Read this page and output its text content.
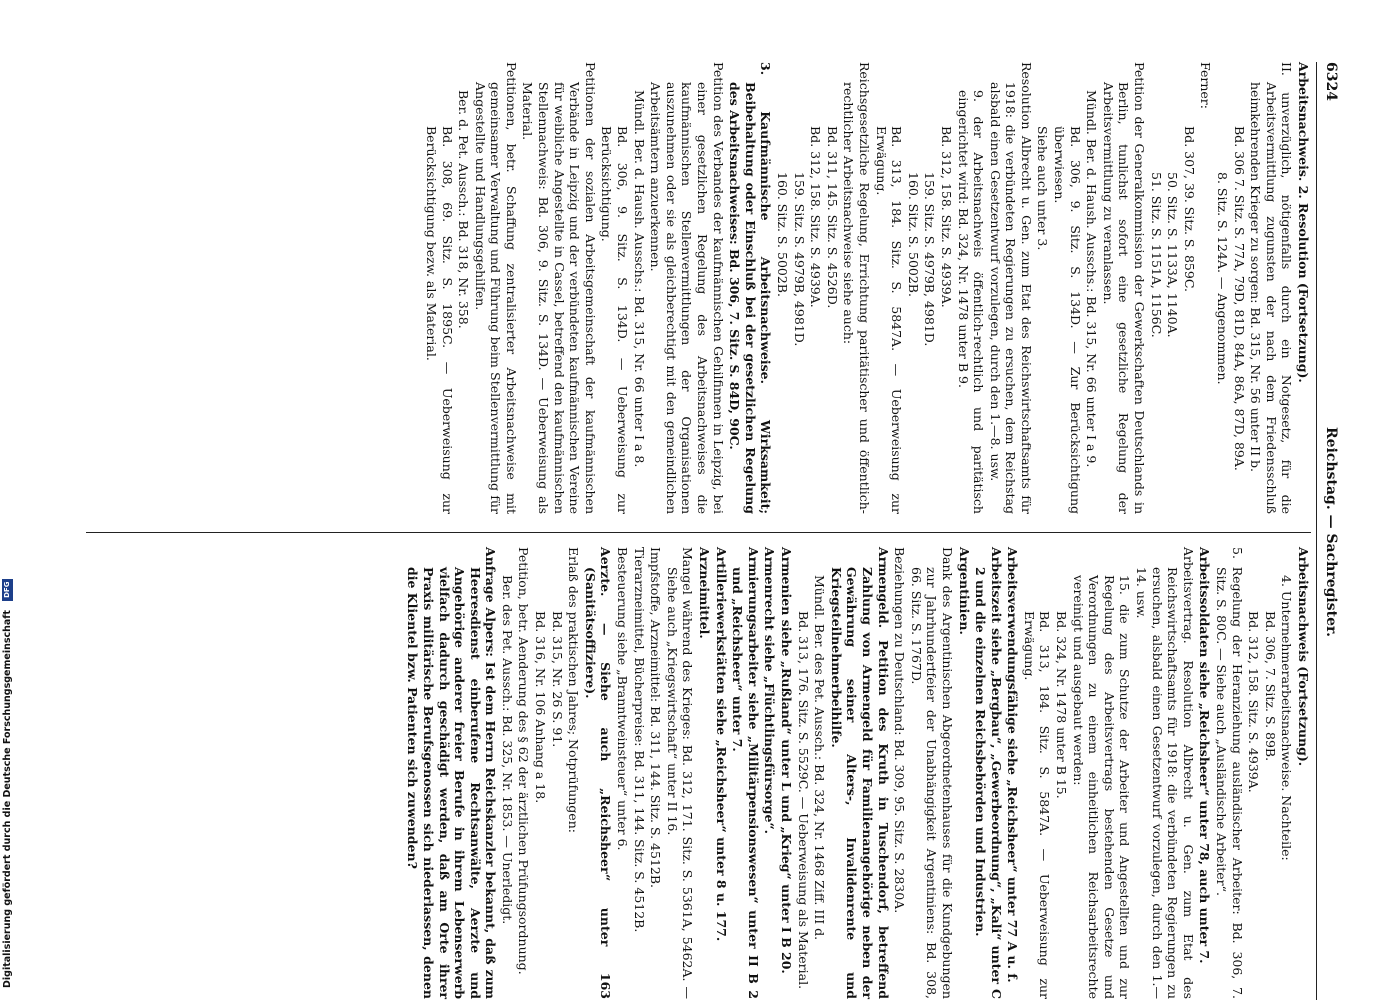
6324
Reichstag. — Sachregister.

Arbeitsnachweis. 2. Resolution (Fortsetzung).

II. unverzüglich, nötigenfalls durch ein Notgesetz, für die Arbeitsvermittlung zugunsten der nach dem Friedensschluß heimkehrenden Krieger zu sorgen: Bd. 315, Nr. 56 unter II b.

Bd. 306 7. Sitz. S. 77A, 79D, 81D, 84A, 86A, 87D, 89A.

8. Sitz. S. 124A. — Angenommen.

Ferner:

Bd. 307, 39. Sitz. S. 859C.

50. Sitz. S. 1133A, 1140A.

51. Sitz. S. 1151A, 1156C.

Petition der Generalkommission der Gewerkschaften Deutschlands in Berlin, tunlichst sofort eine gesetzliche Regelung der Arbeitsvermittlung zu veranlassen.

Mündl. Ber. d. Haush. Ausschs.: Bd. 315, Nr. 66 unter I a 9.

Bd. 306, 9. Sitz. S. 134D. — Zur Berücksichtigung überwiesen.

Siehe auch unter 3.

Resolution Albrecht u. Gen. zum Etat des Reichswirtschaftsamts für 1918: die verbündeten Regierungen zu ersuchen, dem Reichstag alsbald einen Gesetzentwurf vorzulegen, durch den 1.—8. usw.

9. der Arbeitsnachweis öffentlich-rechtlich und paritätisch eingerichtet wird: Bd. 324, Nr. 1478 unter B 9.

Bd. 312, 158. Sitz. S. 4939A.

159. Sitz. S. 4979B, 4981D.

160. Sitz. S. 5002B.

Bd. 313, 184. Sitz. S. 5847A. — Ueberweisung zur Erwägung.

Reichsgesetzliche Regelung, Errichtung paritätischer und öffentlich-rechtlicher Arbeitsnachweise siehe auch:

Bd. 311, 145. Sitz. S. 4526D.

Bd. 312, 158. Sitz. S. 4939A.

159. Sitz. S. 4979B, 4981D.

160. Sitz. S. 5002B.

3. Kaufmännische Arbeitsnachweise. Wirksamkeit; Beibehaltung oder Einschluß bei der gesetzlichen Regelung des Arbeitsnachweises: Bd. 306, 7. Sitz. S. 84D, 90C.

Petition des Verbandes der kaufmännischen Gehilfinnen in Leipzig, bei einer gesetzlichen Regelung des Arbeitsnachweises die kaufmännischen Stellenvermittlungen der Organisationen auszunehmen oder sie als gleichberechtigt mit den gemeindlichen Arbeitsämtern anzuerkennen.

Mündl. Ber. d. Haush. Ausschs.: Bd. 315, Nr. 66 unter I a 8.

Bd. 306, 9. Sitz. S. 134D. — Ueberweisung zur Berücksichtigung.

Petitionen der sozialen Arbeitsgemeinschaft der kaufmännischen Verbände in Leipzig und der verbündeten kaufmännischen Vereine für weibliche Angestellte in Cassel, betreffend den kaufmännischen Stellennachweis: Bd. 306, 9. Sitz. S. 134D. — Ueberweisung als Material.

Petitionen, betr. Schaffung zentralisierter Arbeitsnachweise mit gemeinsamer Verwaltung und Führung beim Stellenvermittlung für Angestellte und Handlungsgehilfen.

Ber. d. Pet. Aussch.: Bd. 318, Nr. 358.

Bd. 308, 69. Sitz. S. 1895C. — Ueberweisung zur Berücksichtigung bezw. als Material.

Arbeitsnachweis (Fortsetzung).

4. Unternehmerarbeitsnachweise. Nachteile:

Bd. 306, 7. Sitz. S. 89B.

Bd. 312, 158. Sitz. S. 4939A.

5. Regelung der Heranziehung ausländischer Arbeiter: Bd. 306, 7. Sitz. S. 80C. — Siehe auch „Ausländische Arbeiter“.

Arbeitssoldaten siehe „Reichsheer“ unter 78, auch unter 7.

Arbeitsvertrag. Resolution Albrecht u. Gen. zum Etat des Reichswirtschaftsamts für 1918: die verbündeten Regierungen zu ersuchen, alsbald einen Gesetzentwurf vorzulegen, durch den 1.—14. usw.

15. die zum Schutze der Arbeiter und Angestellten und zur Regelung des Arbeitsvertrags bestehenden Gesetze und Verordnungen zu einem einheitlichen Reichsarbeitsrechte vereinigt und ausgebaut werden:

Bd. 324, Nr. 1478 unter B 15.

Bd. 313, 184. Sitz. S. 5847A. — Ueberweisung zur Erwägung.

Arbeitsverwendungsfähige siehe „Reichsheer“ unter 77 A u. f.

Arbeitszeit siehe „Bergbau“, „Gewerbeordnung“, „Kali“ unter C 2 und die einzelnen Reichsbehörden und Industrien.

Argentinien.

Dank des Argentinischen Abgeordnetenhauses für die Kundgebungen zur Jahrhundertfeier der Unabhängigkeit Argentiniens: Bd. 308, 66. Sitz. S. 1767D.

Beziehungen zu Deutschland: Bd. 309, 95. Sitz. S. 2830A.

Armengeld. Petition des Kruth in Tuschendorf, betreffend Zahlung von Armengeld für Familienangehörige neben der Gewährung seiner Alters-, Invalidenrente und Kriegsteilnehmerbeihilfe.

Mündl. Ber. des Pet. Aussch.: Bd. 324, Nr. 1468 Ziff. III d.

Bd. 313, 176. Sitz. S. 5529C. — Ueberweisung als Material.

Armenien siehe „Rußland“ unter L und „Krieg“ unter I B 20.

Armenrecht siehe „Flüchtlingsfürsorge“.

Armierungsarbeiter siehe „Militärpensionswesen“ unter II B 2 und „Reichsheer“ unter 7.

Artilleriewerkstätten siehe „Reichsheer“ unter 8 u. 177.

Arzneimittel.

Mangel während des Krieges: Bd. 312, 171. Sitz. S. 5361A, 5462A. — Siehe auch „Kriegswirtschaft“ unter II 16.

Impfstoffe, Arzneimittel: Bd. 311, 144. Sitz. S. 4512B.

Tierarzneimittel, Bücherpreise: Bd. 311, 144. Sitz. S. 4512B.

Besteuerung siehe „Branntweinsteuer“ unter 6.

Aerzte. — Siehe auch „Reichsheer“ unter 163 (Sanitätsoffiziere).

Erlaß des praktischen Jahres; Notprüfungen:

Bd. 315, Nr. 26 S. 91.

Bd. 316, Nr. 106 Anhang a 18.

Petition, betr. Aenderung des § 62 der ärztlichen Prüfungsordnung.

Ber. des Pet. Aussch.: Bd. 325, Nr. 1853. — Unerledigt.

Anfrage Alpers: Ist dem Herrn Reichskanzler bekannt, daß zum Heeresdienst einberufene Rechtsanwälte, Aerzte und Angehörige anderer freier Berufe in ihrem Lebenserwerb vielfach dadurch geschädigt werden, daß am Orte ihrer Praxis militärische Berufsgenossen sich niederlassen, denen die Klientel bzw. Patienten sich zuwenden?

Digitalisierung gefördert durch die Deutsche Forschungsgemeinschaft DFG
